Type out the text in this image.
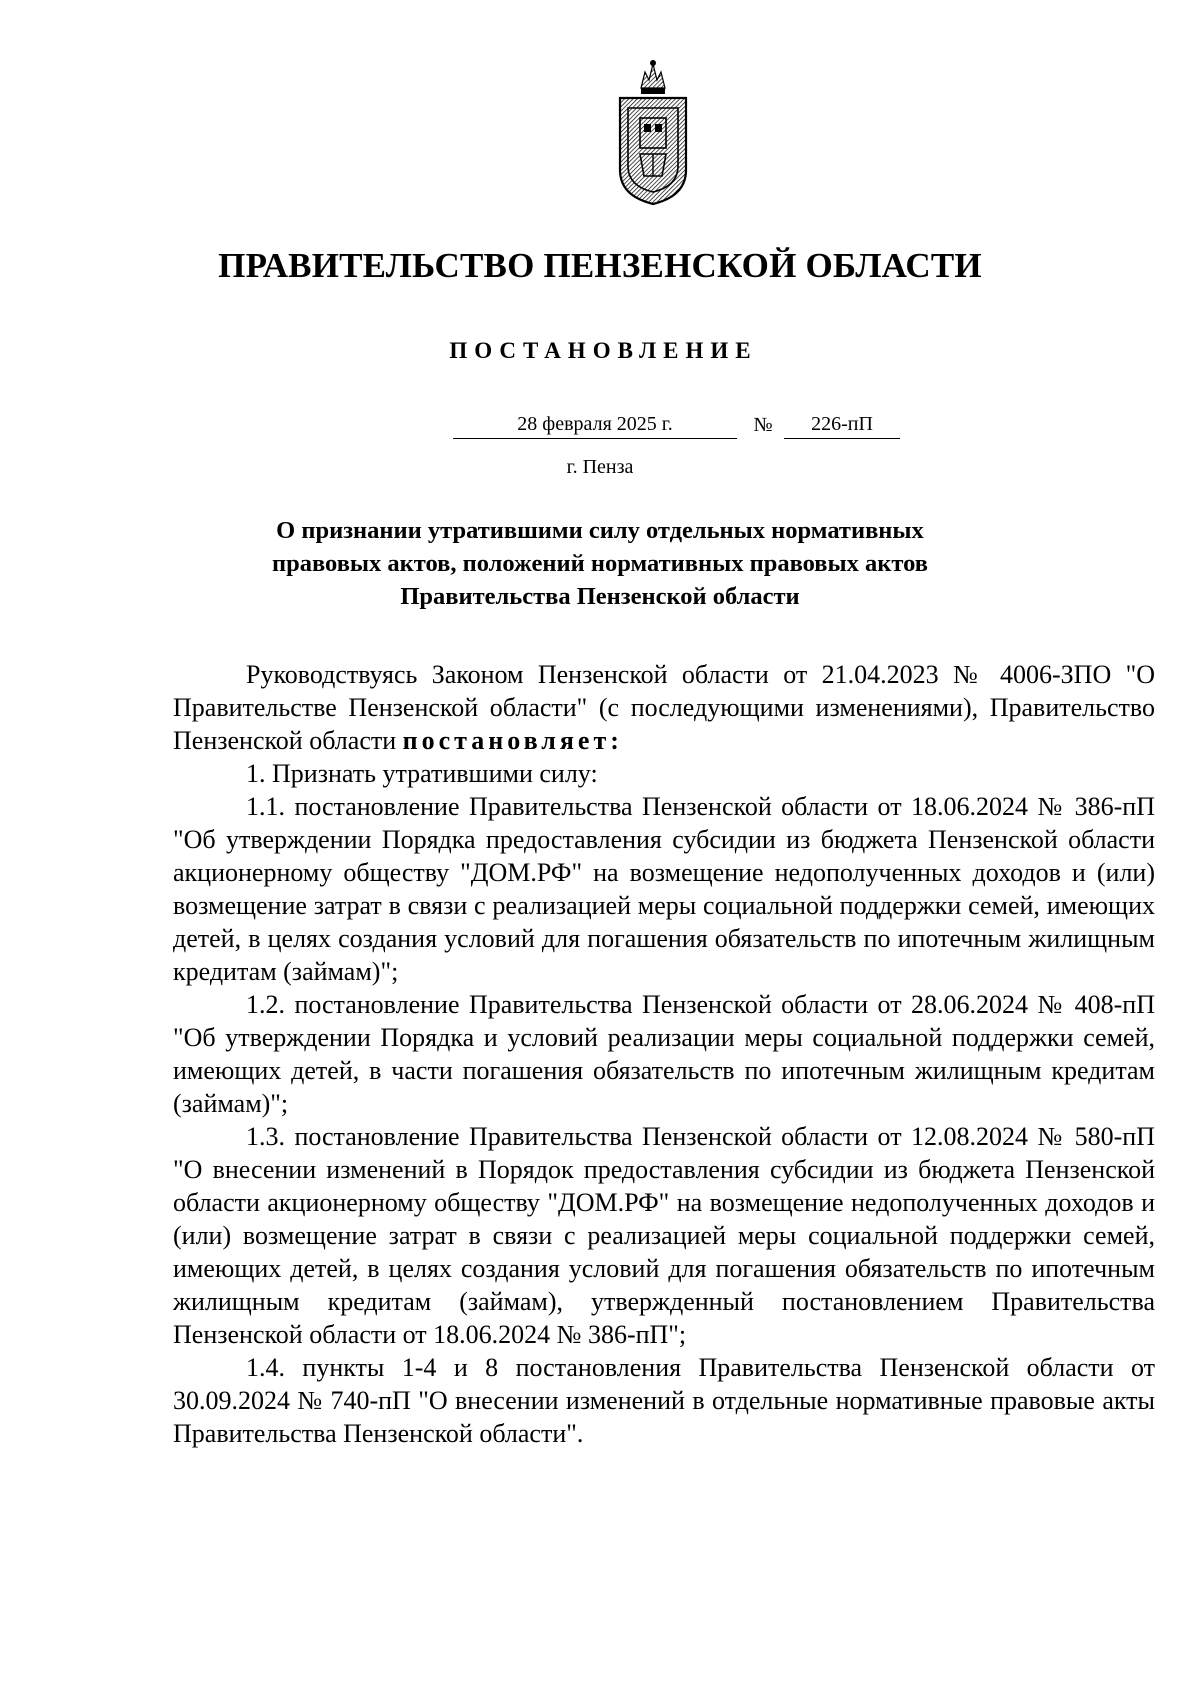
ПРАВИТЕЛЬСТВО ПЕНЗЕНСКОЙ ОБЛАСТИ
ПОСТАНОВЛЕНИЕ
28 февраля 2025 г.	№	226-пП
г. Пенза
О признании утратившими силу отдельных нормативных
правовых актов, положений нормативных правовых актов
Правительства Пензенской области

Руководствуясь Законом Пензенской области от 21.04.2023 № 4006-ЗПО "О Правительстве Пензенской области" (с последующими изменениями), Правительство Пензенской области постановляет:

1. Признать утратившими силу:

1.1. постановление Правительства Пензенской области от 18.06.2024 № 386-пП "Об утверждении Порядка предоставления субсидии из бюджета Пензенской области акционерному обществу "ДОМ.РФ" на возмещение недополученных доходов и (или) возмещение затрат в связи с реализацией меры социальной поддержки семей, имеющих детей, в целях создания условий для погашения обязательств по ипотечным жилищным кредитам (займам)";

1.2. постановление Правительства Пензенской области от 28.06.2024 № 408-пП "Об утверждении Порядка и условий реализации меры социальной поддержки семей, имеющих детей, в части погашения обязательств по ипотечным жилищным кредитам (займам)";

1.3. постановление Правительства Пензенской области от 12.08.2024 № 580-пП "О внесении изменений в Порядок предоставления субсидии из бюджета Пензенской области акционерному обществу "ДОМ.РФ" на возмещение недополученных доходов и (или) возмещение затрат в связи с реализацией меры социальной поддержки семей, имеющих детей, в целях создания условий для погашения обязательств по ипотечным жилищным кредитам (займам), утвержденный постановлением Правительства Пензенской области от 18.06.2024 № 386-пП";

1.4. пункты 1-4 и 8 постановления Правительства Пензенской области от 30.09.2024 № 740-пП "О внесении изменений в отдельные нормативные правовые акты Правительства Пензенской области".
